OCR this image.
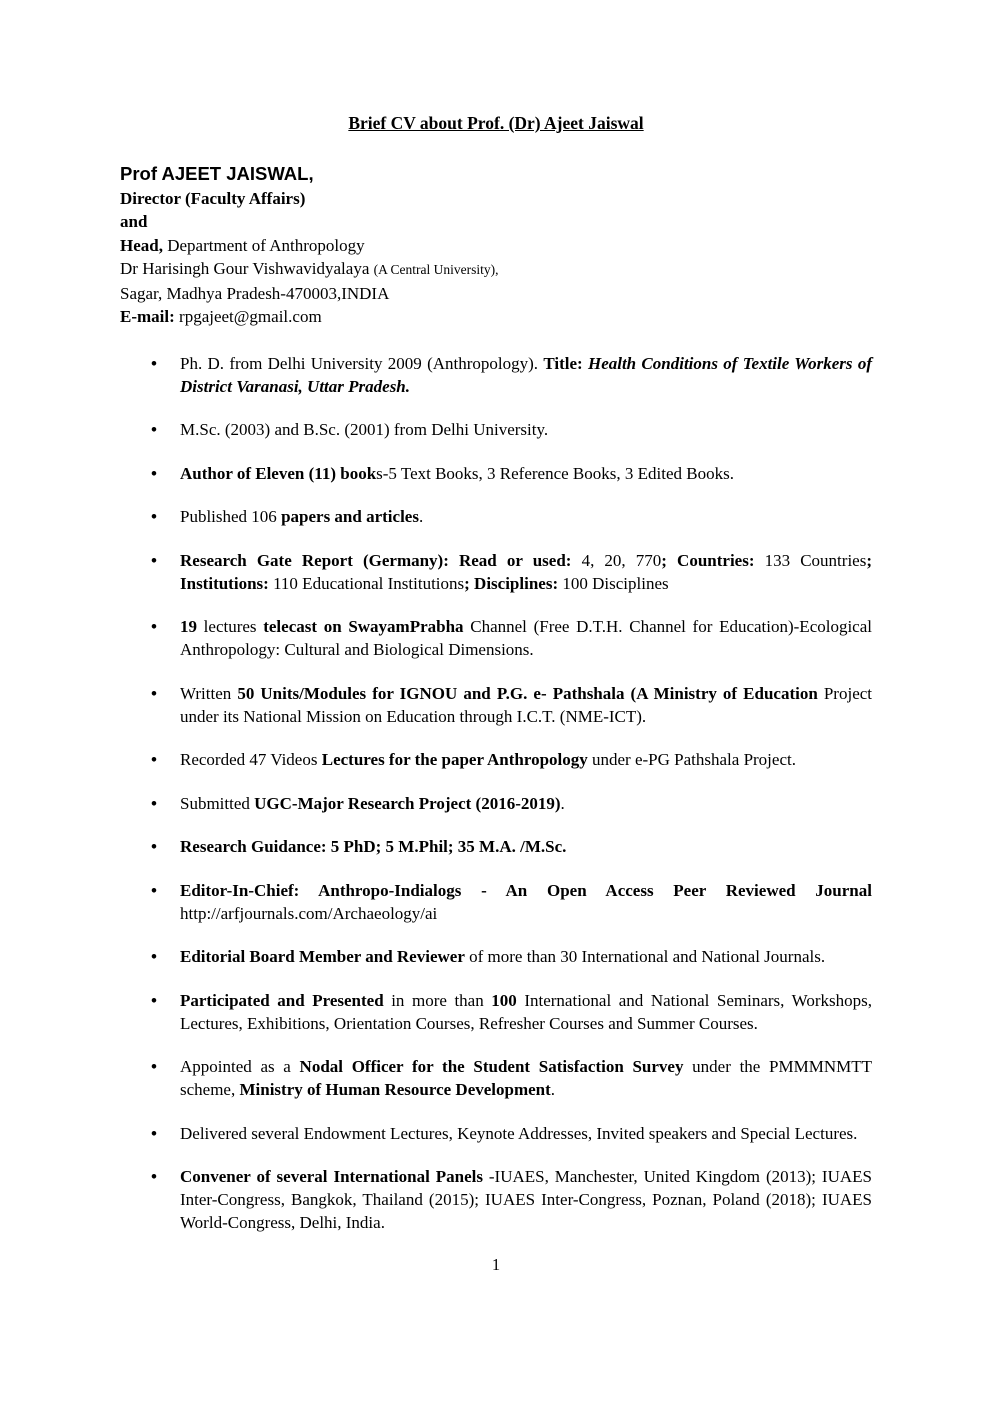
Brief CV about Prof. (Dr) Ajeet Jaiswal
Prof AJEET JAISWAL,
Director (Faculty Affairs)
and
Head, Department of Anthropology
Dr Harisingh Gour Vishwavidyalaya (A Central University),
Sagar, Madhya Pradesh-470003,INDIA
E-mail: rpgajeet@gmail.com
• Ph. D. from Delhi University 2009 (Anthropology). Title: Health Conditions of Textile Workers of District Varanasi, Uttar Pradesh.
• M.Sc. (2003) and B.Sc. (2001) from Delhi University.
• Author of Eleven (11) books-5 Text Books, 3 Reference Books, 3 Edited Books.
• Published 106 papers and articles.
• Research Gate Report (Germany): Read or used: 4, 20, 770; Countries: 133 Countries; Institutions: 110 Educational Institutions; Disciplines: 100 Disciplines
• 19 lectures telecast on SwayamPrabha Channel (Free D.T.H. Channel for Education)-Ecological Anthropology: Cultural and Biological Dimensions.
• Written 50 Units/Modules for IGNOU and P.G. e- Pathshala (A Ministry of Education Project under its National Mission on Education through I.C.T. (NME-ICT).
• Recorded 47 Videos Lectures for the paper Anthropology under e-PG Pathshala Project.
• Submitted UGC-Major Research Project (2016-2019).
• Research Guidance: 5 PhD; 5 M.Phil; 35 M.A. /M.Sc.
• Editor-In-Chief: Anthropo-Indialogs - An Open Access Peer Reviewed Journal http://arfjournals.com/Archaeology/ai
• Editorial Board Member and Reviewer of more than 30 International and National Journals.
• Participated and Presented in more than 100 International and National Seminars, Workshops, Lectures, Exhibitions, Orientation Courses, Refresher Courses and Summer Courses.
• Appointed as a Nodal Officer for the Student Satisfaction Survey under the PMMMNMTT scheme, Ministry of Human Resource Development.
• Delivered several Endowment Lectures, Keynote Addresses, Invited speakers and Special Lectures.
• Convener of several International Panels -IUAES, Manchester, United Kingdom (2013); IUAES Inter-Congress, Bangkok, Thailand (2015); IUAES Inter-Congress, Poznan, Poland (2018); IUAES World-Congress, Delhi, India.
1
